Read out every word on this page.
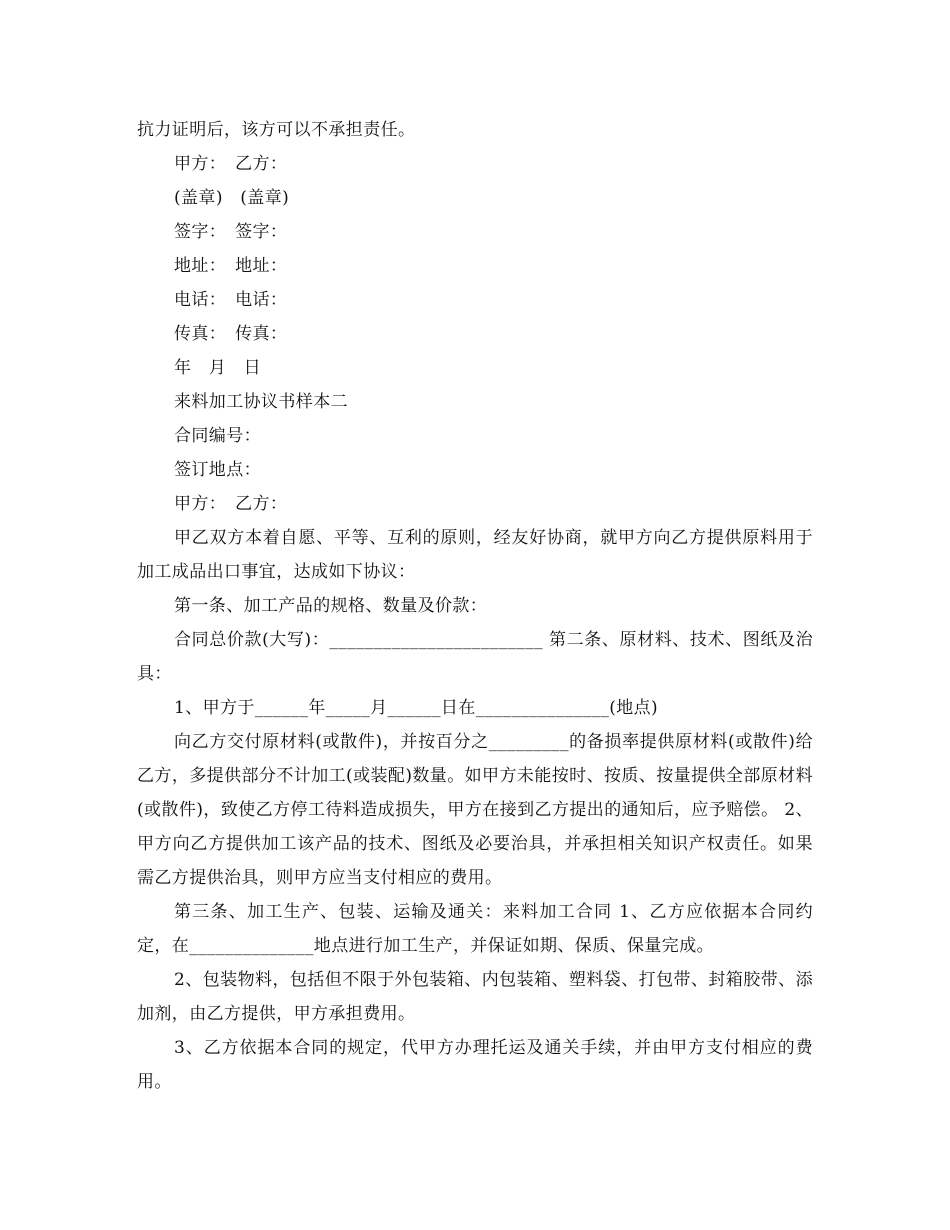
抗力证明后，该方可以不承担责任。
甲方：　乙方：
(盖章)　(盖章)
签字：　签字：
地址：　地址：
电话：　电话：
传真：　传真：
年　月　日
来料加工协议书样本二
合同编号：
签订地点：
甲方：　乙方：

甲乙双方本着自愿、平等、互利的原则，经友好协商，就甲方向乙方提供原料用于加工成品出口事宜，达成如下协议：

第一条、加工产品的规格、数量及价款：

合同总价款(大写)：________________________ 第二条、原材料、技术、图纸及治具：

1、甲方于______年_____月______日在_______________(地点)

向乙方交付原材料(或散件)，并按百分之_________的备损率提供原材料(或散件)给乙方，多提供部分不计加工(或装配)数量。如甲方未能按时、按质、按量提供全部原材料(或散件)，致使乙方停工待料造成损失，甲方在接到乙方提出的通知后，应予赔偿。 2、甲方向乙方提供加工该产品的技术、图纸及必要治具，并承担相关知识产权责任。如果需乙方提供治具，则甲方应当支付相应的费用。

第三条、加工生产、包装、运输及通关：来料加工合同 1、乙方应依据本合同约定，在______________地点进行加工生产，并保证如期、保质、保量完成。

2、包装物料，包括但不限于外包装箱、内包装箱、塑料袋、打包带、封箱胶带、添加剂，由乙方提供，甲方承担费用。

3、乙方依据本合同的规定，代甲方办理托运及通关手续，并由甲方支付相应的费用。
